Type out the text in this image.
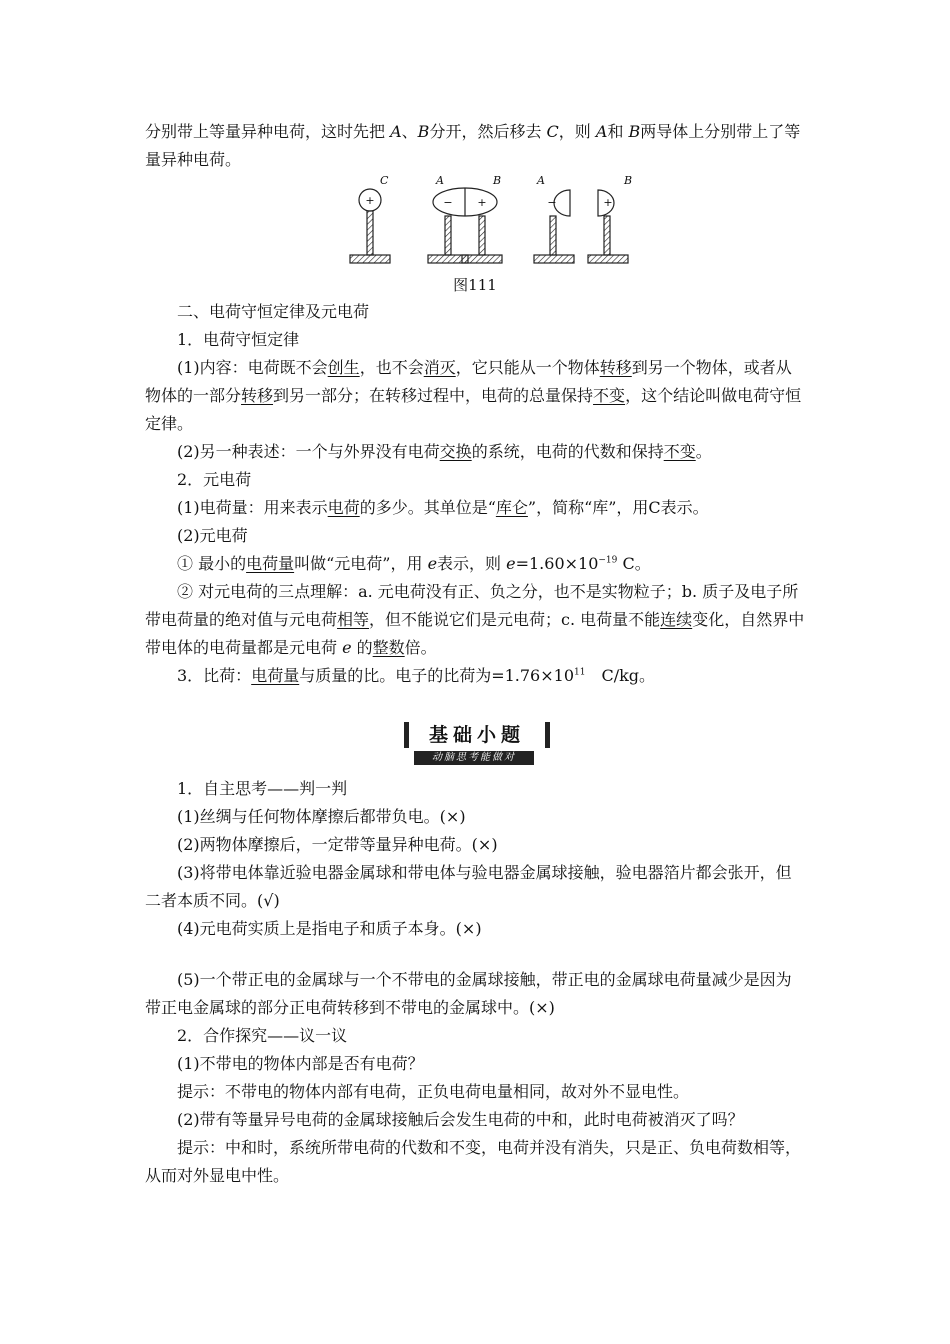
分别带上等量异种电荷，这时先把 A、B分开，然后移去 C，则 A和 B两导体上分别带上了等量异种电荷。

C	A	B	A	B
+	− +	−	+
图111

二、电荷守恒定律及元电荷

1．电荷守恒定律

(1)内容：电荷既不会创生，也不会消灭，它只能从一个物体转移到另一个物体，或者从物体的一部分转移到另一部分；在转移过程中，电荷的总量保持不变，这个结论叫做电荷守恒定律。

(2)另一种表述：一个与外界没有电荷交换的系统，电荷的代数和保持不变。

2．元电荷

(1)电荷量：用来表示电荷的多少。其单位是“库仑”，简称“库”，用C表示。

(2)元电荷

① 最小的电荷量叫做“元电荷”，用 e表示，则 $e=1.60\times 10^{-19}$ C。

② 对元电荷的三点理解：a. 元电荷没有正、负之分，也不是实物粒子；b. 质子及电子所带电荷量的绝对值与元电荷相等，但不能说它们是元电荷；c. 电荷量不能连续变化，自然界中带电体的电荷量都是元电荷 e 的整数倍。

3．比荷：电荷量与质量的比。电子的比荷为$=1.76\times 10^{11}$　C/kg。

基础小题
动脑思考能做对

1．自主思考——判一判

(1)丝绸与任何物体摩擦后都带负电。(×)

(2)两物体摩擦后，一定带等量异种电荷。(×)

(3)将带电体靠近验电器金属球和带电体与验电器金属球接触，验电器箔片都会张开，但二者本质不同。(√)

(4)元电荷实质上是指电子和质子本身。(×)

(5)一个带正电的金属球与一个不带电的金属球接触，带正电的金属球电荷量减少是因为带正电金属球的部分正电荷转移到不带电的金属球中。(×)

2．合作探究——议一议

(1)不带电的物体内部是否有电荷？

提示：不带电的物体内部有电荷，正负电荷电量相同，故对外不显电性。

(2)带有等量异号电荷的金属球接触后会发生电荷的中和，此时电荷被消灭了吗？

提示：中和时，系统所带电荷的代数和不变，电荷并没有消失，只是正、负电荷数相等，从而对外显电中性。
